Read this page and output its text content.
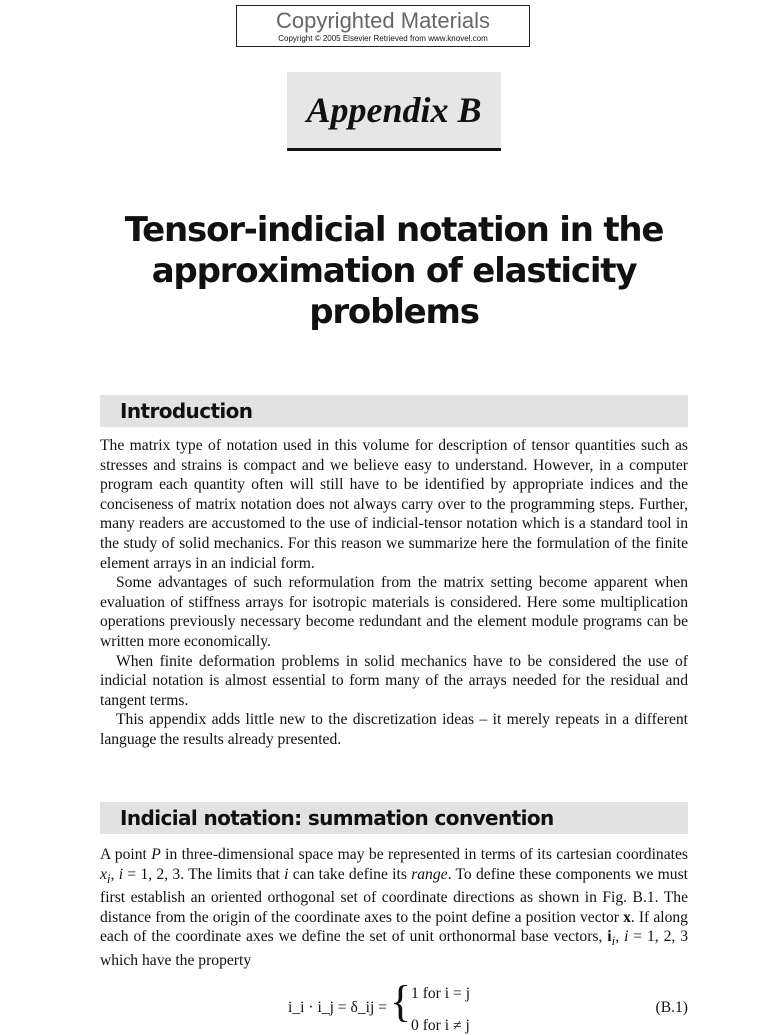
Copyrighted Materials
Copyright © 2005 Elsevier Retrieved from www.knovel.com
Appendix B
Tensor-indicial notation in the
approximation of elasticity
problems
Introduction

The matrix type of notation used in this volume for description of tensor quantities such as stresses and strains is compact and we believe easy to understand. However, in a computer program each quantity often will still have to be identified by appropriate indices and the conciseness of matrix notation does not always carry over to the programming steps. Further, many readers are accustomed to the use of indicial-tensor notation which is a standard tool in the study of solid mechanics. For this reason we summarize here the formulation of the finite element arrays in an indicial form.

Some advantages of such reformulation from the matrix setting become apparent when evaluation of stiffness arrays for isotropic materials is considered. Here some multiplication operations previously necessary become redundant and the element module programs can be written more economically.

When finite deformation problems in solid mechanics have to be considered the use of indicial notation is almost essential to form many of the arrays needed for the residual and tangent terms.

This appendix adds little new to the discretization ideas – it merely repeats in a different language the results already presented.

Indicial notation: summation convention

A point P in three-dimensional space may be represented in terms of its cartesian coordinates $x_i$, i = 1, 2, 3. The limits that i can take define its range. To define these components we must first establish an oriented orthogonal set of coordinate directions as shown in Fig. B.1. The distance from the origin of the coordinate axes to the point define a position vector x. If along each of the coordinate axes we define the set of unit orthonormal base vectors, $i_i$, i = 1, 2, 3 which have the property

i_i · i_j = δ_ij = { 1 for i = j
0 for i ≠ j
(B.1)
